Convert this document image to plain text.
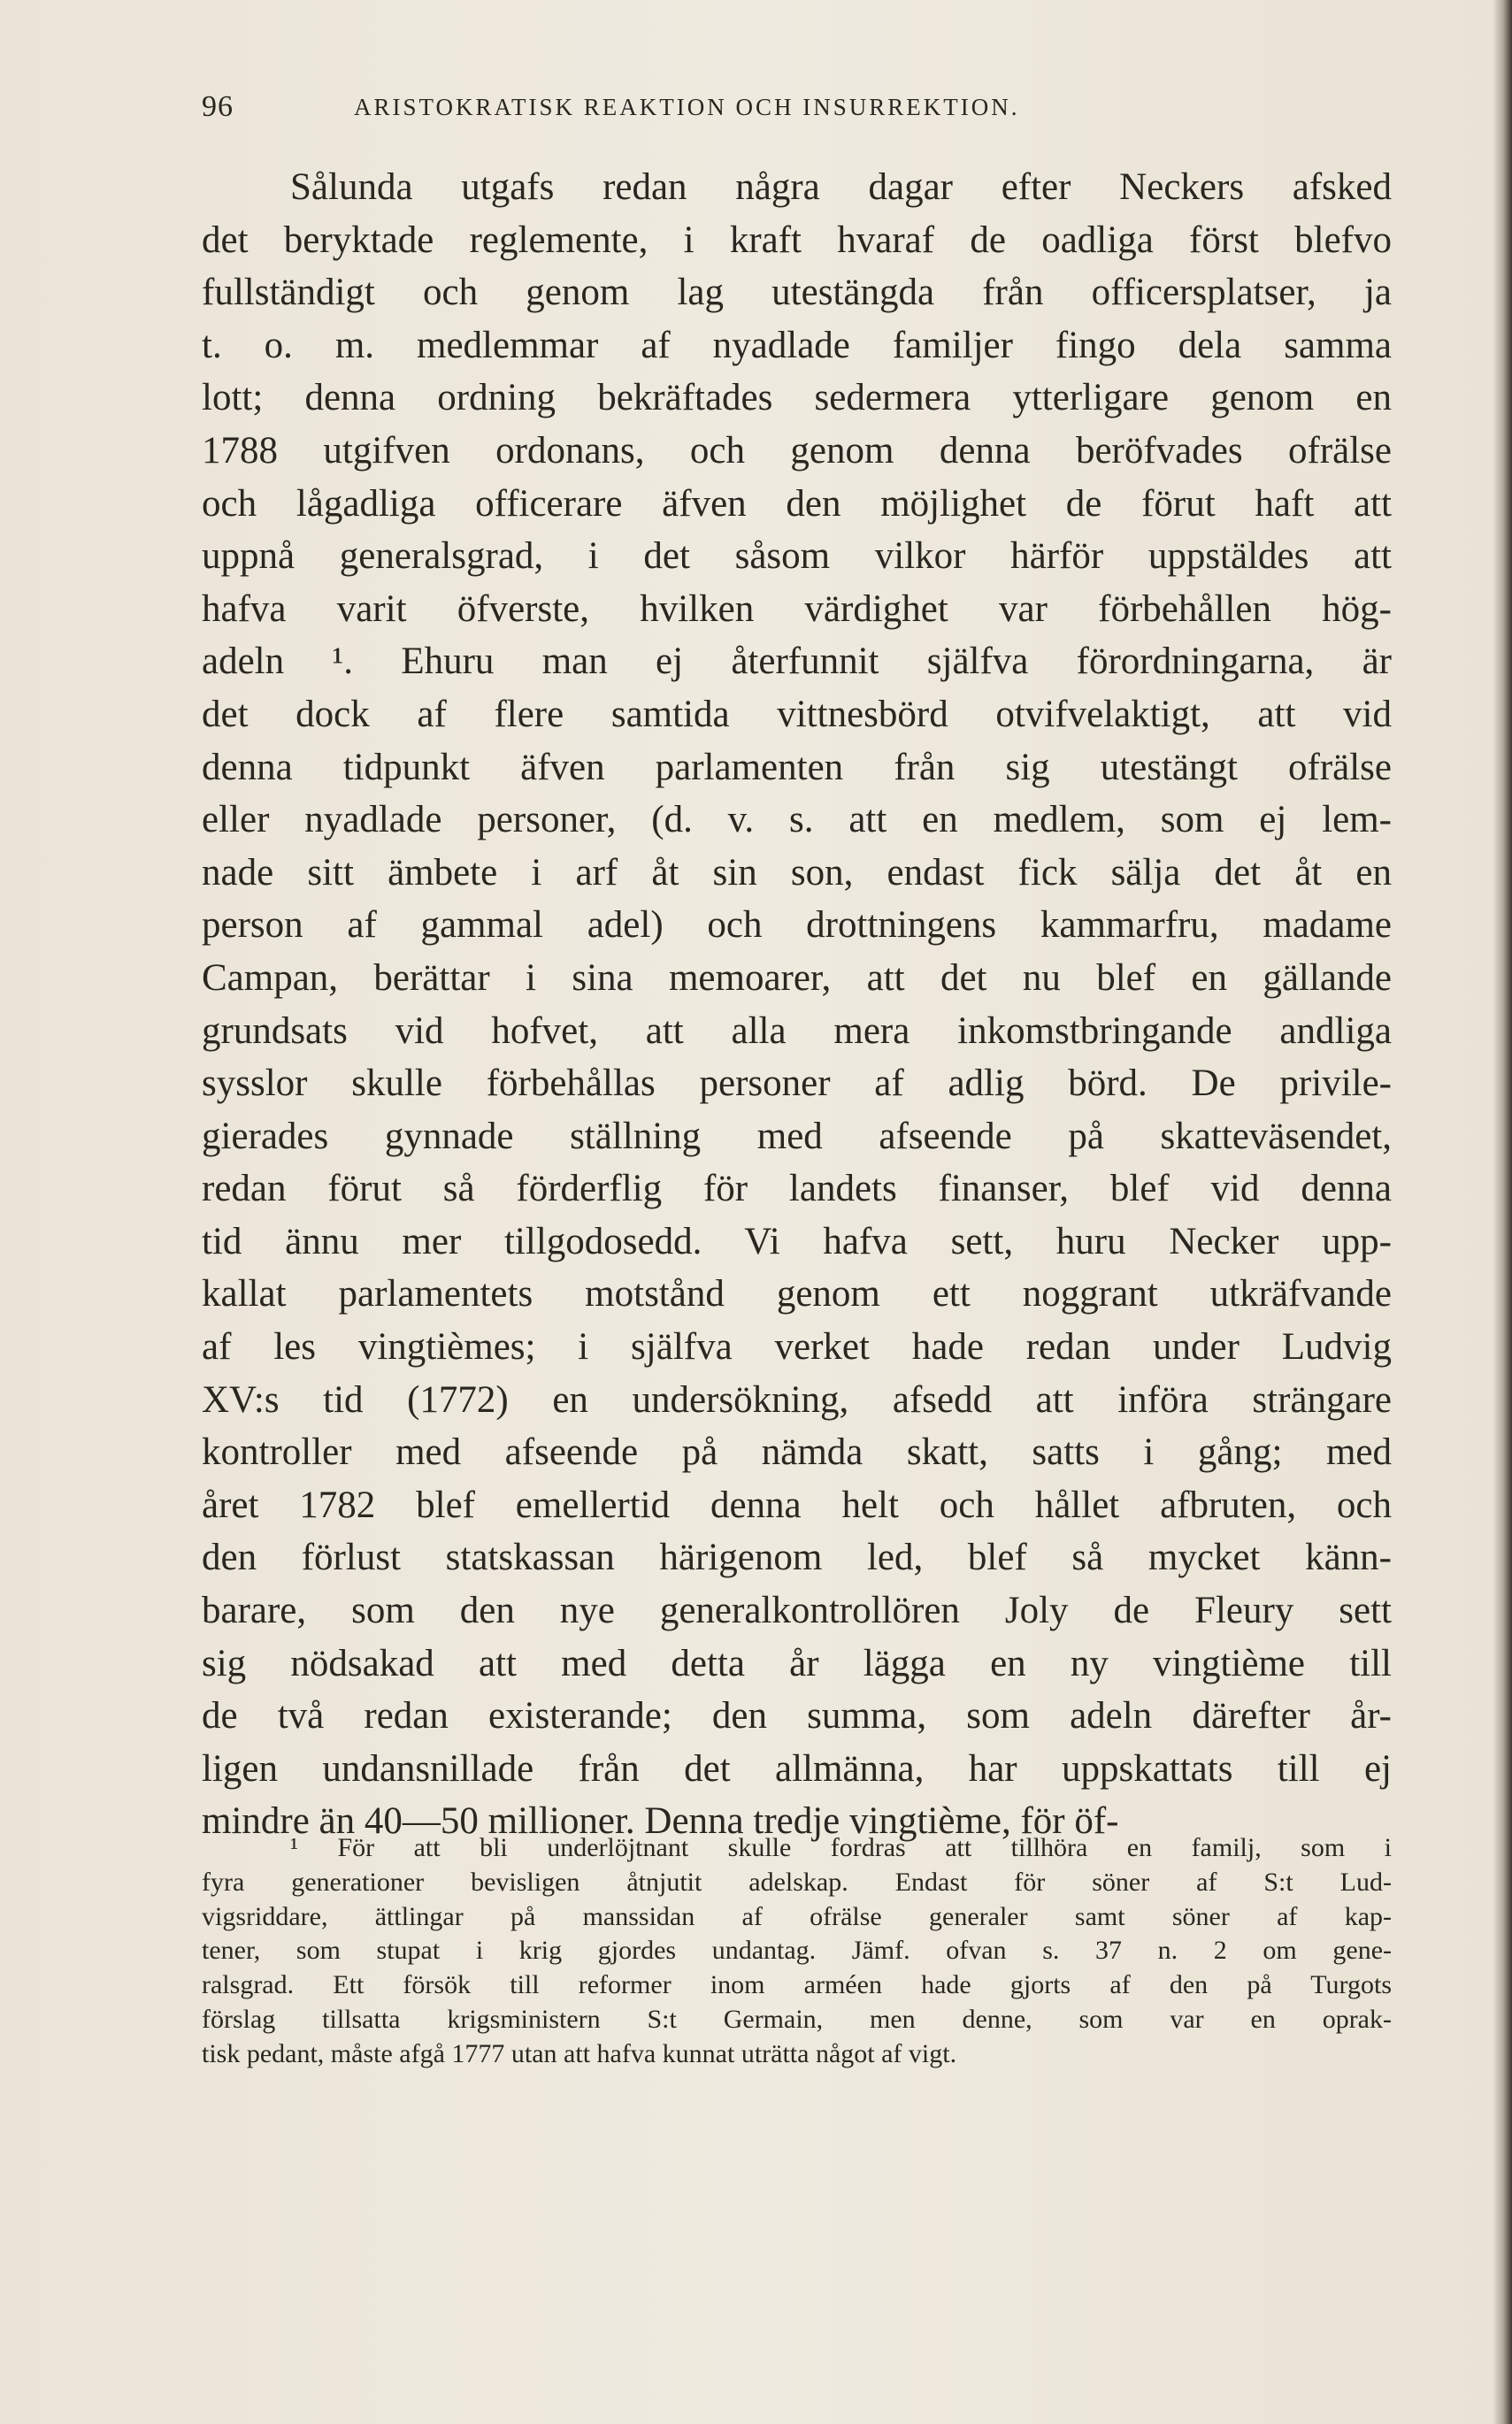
96	ARISTOKRATISK REAKTION OCH INSURREKTION.
Sålunda utgafs redan några dagar efter Neckers afsked
det beryktade reglemente, i kraft hvaraf de oadliga först blefvo
fullständigt och genom lag utestängda från officersplatser, ja
t. o. m. medlemmar af nyadlade familjer fingo dela samma
lott; denna ordning bekräftades sedermera ytterligare genom en
1788 utgifven ordonans, och genom denna beröfvades ofrälse
och lågadliga officerare äfven den möjlighet de förut haft att
uppnå generalsgrad, i det såsom vilkor härför uppstäldes att
hafva varit öfverste, hvilken värdighet var förbehållen hög-
adeln ¹. Ehuru man ej återfunnit själfva förordningarna, är
det dock af flere samtida vittnesbörd otvifvelaktigt, att vid
denna tidpunkt äfven parlamenten från sig utestängt ofrälse
eller nyadlade personer, (d. v. s. att en medlem, som ej lem-
nade sitt ämbete i arf åt sin son, endast fick sälja det åt en
person af gammal adel) och drottningens kammarfru, madame
Campan, berättar i sina memoarer, att det nu blef en gällande
grundsats vid hofvet, att alla mera inkomstbringande andliga
sysslor skulle förbehållas personer af adlig börd. De privile-
gierades gynnade ställning med afseende på skatteväsendet,
redan förut så förderflig för landets finanser, blef vid denna
tid ännu mer tillgodosedd. Vi hafva sett, huru Necker upp-
kallat parlamentets motstånd genom ett noggrant utkräfvande
af les vingtièmes; i själfva verket hade redan under Ludvig
XV:s tid (1772) en undersökning, afsedd att införa strängare
kontroller med afseende på nämda skatt, satts i gång; med
året 1782 blef emellertid denna helt och hållet afbruten, och
den förlust statskassan härigenom led, blef så mycket känn-
barare, som den nye generalkontrollören Joly de Fleury sett
sig nödsakad att med detta år lägga en ny vingtième till
de två redan existerande; den summa, som adeln därefter år-
ligen undansnillade från det allmänna, har uppskattats till ej
mindre än 40—50 millioner. Denna tredje vingtième, för öf-
¹ För att bli underlöjtnant skulle fordras att tillhöra en familj, som i
fyra generationer bevisligen åtnjutit adelskap. Endast för söner af S:t Lud-
vigsriddare, ättlingar på manssidan af ofrälse generaler samt söner af kap-
tener, som stupat i krig gjordes undantag. Jämf. ofvan s. 37 n. 2 om gene-
ralsgrad. Ett försök till reformer inom arméen hade gjorts af den på Turgots
förslag tillsatta krigsministern S:t Germain, men denne, som var en oprak-
tisk pedant, måste afgå 1777 utan att hafva kunnat uträtta något af vigt.
